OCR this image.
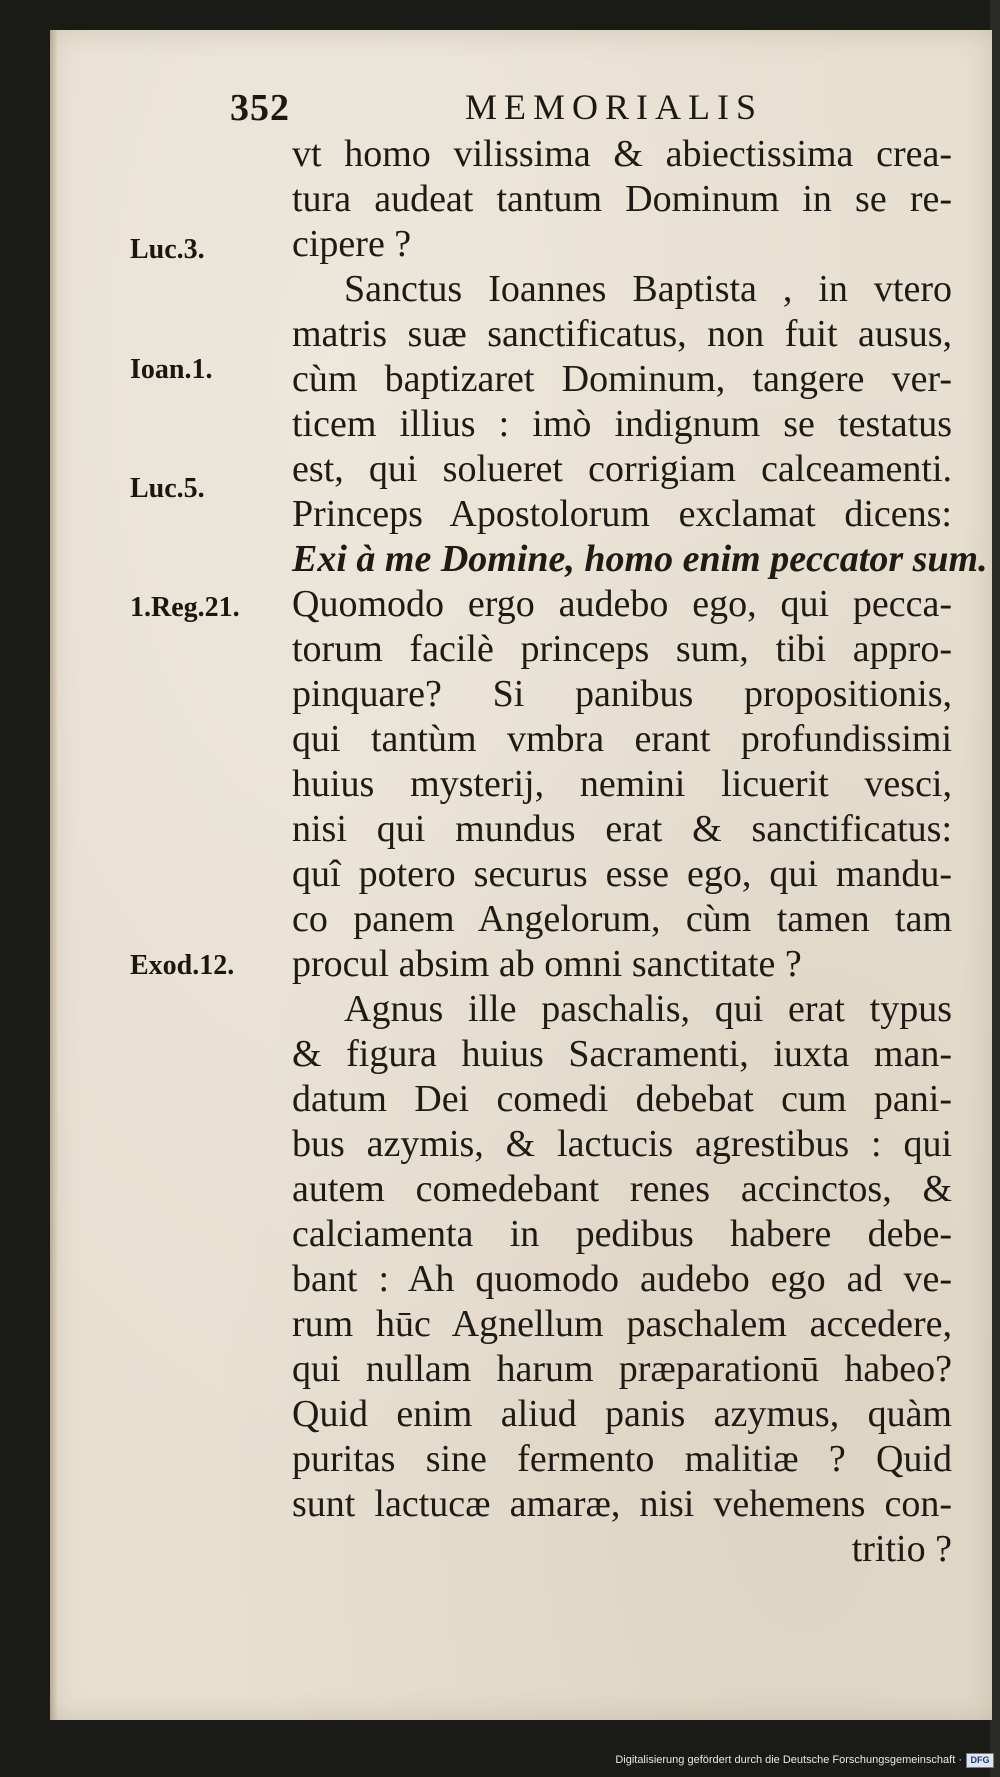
352	MEMORIALIS
Luc.3.
Ioan.1.
Luc.5.
1.Reg.21.
Exod.12.
vt homo vilissima & abiectissima crea-
tura audeat tantum Dominum in se re-
cipere ?
Sanctus Ioannes Baptista , in vtero
matris suæ sanctificatus, non fuit ausus,
cùm baptizaret Dominum, tangere ver-
ticem illius : imò indignum se testatus
est, qui solueret corrigiam calceamenti.
Princeps Apostolorum exclamat dicens:
Exi à me Domine, homo enim peccator sum.
Quomodo ergo audebo ego, qui pecca-
torum facilè princeps sum, tibi appro-
pinquare? Si panibus propositionis,
qui tantùm vmbra erant profundissimi
huius mysterij, nemini licuerit vesci,
nisi qui mundus erat & sanctificatus:
quî potero securus esse ego, qui mandu-
co panem Angelorum, cùm tamen tam
procul absim ab omni sanctitate ?
Agnus ille paschalis, qui erat typus
& figura huius Sacramenti, iuxta man-
datum Dei comedi debebat cum pani-
bus azymis, & lactucis agrestibus : qui
autem comedebant renes accinctos, &
calciamenta in pedibus habere debe-
bant : Ah quomodo audebo ego ad ve-
rum hūc Agnellum paschalem accedere,
qui nullam harum præparationū habeo?
Quid enim aliud panis azymus, quàm
puritas sine fermento malitiæ ? Quid
sunt lactucæ amaræ, nisi vehemens con-
tritio ?
Digitalisierung gefördert durch die Deutsche Forschungsgemeinschaft · DFG
